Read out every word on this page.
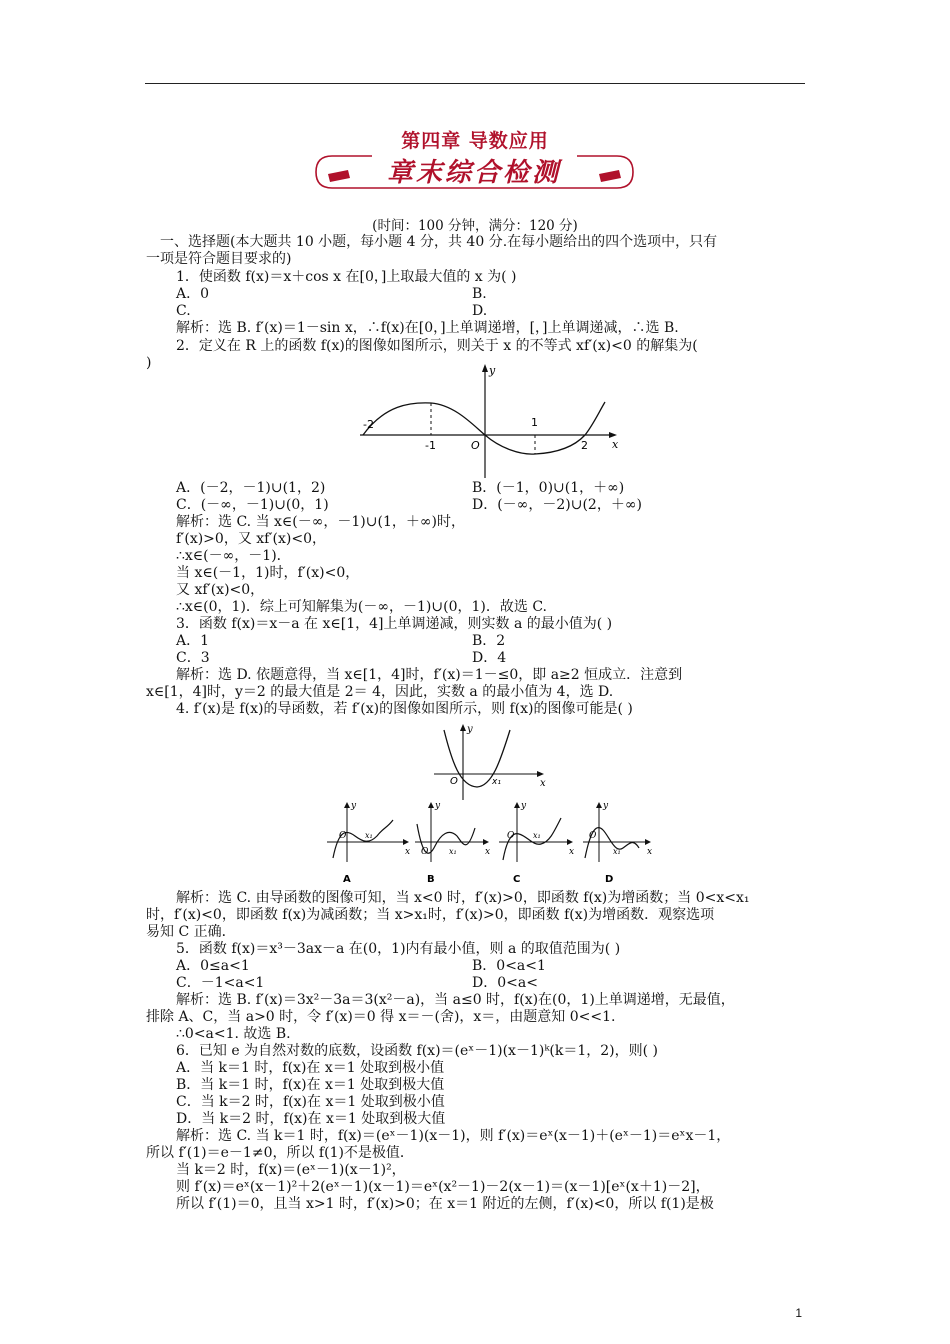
第四章 导数应用
章末综合检测
(时间：100 分钟，满分：120 分)
一、选择题(本大题共 10 小题，每小题 4 分，共 40 分.在每小题给出的四个选项中，只有
一项是符合题目要求的)
1．使函数 f(x)＝x＋cos x 在[0，]上取最大值的 x 为( )
A．0	B.
C.	D.
解析：选 B. f′(x)＝1－sin x，∴f(x)在[0，]上单调递增，[，]上单调递减，∴选 B.
2．定义在 R 上的函数 f(x)的图像如图所示，则关于 x 的不等式 xf′(x)<0 的解集为(
)
A．(－2，－1)∪(1，2)	B．(－1，0)∪(1，＋∞)
C．(－∞，－1)∪(0，1)	D．(－∞，－2)∪(2，＋∞)
解析：选 C. 当 x∈(－∞，－1)∪(1，＋∞)时，
f′(x)>0，又 xf′(x)<0，
∴x∈(－∞，－1)．
当 x∈(－1，1)时，f′(x)<0，
又 xf′(x)<0，
∴x∈(0，1)．综上可知解集为(－∞，－1)∪(0，1)．故选 C.
3．函数 f(x)＝x－a 在 x∈[1，4]上单调递减，则实数 a 的最小值为( )
A．1	B．2
C．3	D．4
解析：选 D. 依题意得，当 x∈[1，4]时，f′(x)＝1－≤0，即 a≥2 恒成立．注意到
x∈[1，4]时，y＝2 的最大值是 2＝ 4，因此，实数 a 的最小值为 4，选 D.
4. f′(x)是 f(x)的导函数，若 f′(x)的图像如图所示，则 f(x)的图像可能是( )
解析：选 C. 由导函数的图像可知，当 x<0 时，f′(x)>0，即函数 f(x)为增函数；当 0<x<x₁
时，f′(x)<0，即函数 f(x)为减函数；当 x>x₁时，f′(x)>0，即函数 f(x)为增函数．观察选项
易知 C 正确．
5．函数 f(x)＝x³－3ax－a 在(0，1)内有最小值，则 a 的取值范围为( )
A．0≤a<1	B．0<a<1
C．－1<a<1	D．0<a<
解析：选 B. f′(x)＝3x²－3a＝3(x²－a)，当 a≤0 时，f(x)在(0，1)上单调递增，无最值，
排除 A、C，当 a>0 时，令 f′(x)＝0 得 x＝－(舍)，x＝，由题意知 0<<1.
∴0<a<1. 故选 B.
6．已知 e 为自然对数的底数，设函数 f(x)＝(eˣ－1)(x－1)ᵏ(k＝1，2)，则( )
A．当 k＝1 时，f(x)在 x＝1 处取到极小值
B．当 k＝1 时，f(x)在 x＝1 处取到极大值
C．当 k＝2 时，f(x)在 x＝1 处取到极小值
D．当 k＝2 时，f(x)在 x＝1 处取到极大值
解析：选 C. 当 k＝1 时，f(x)＝(eˣ－1)(x－1)，则 f′(x)＝eˣ(x－1)＋(eˣ－1)＝eˣx－1，
所以 f′(1)＝e－1≠0，所以 f(1)不是极值．
当 k＝2 时，f(x)＝(eˣ－1)(x－1)²，
则 f′(x)＝eˣ(x－1)²＋2(eˣ－1)(x－1)＝eˣ(x²－1)－2(x－1)＝(x－1)[eˣ(x＋1)－2]，
所以 f′(1)＝0，且当 x>1 时，f′(x)>0；在 x＝1 附近的左侧，f′(x)<0，所以 f(1)是极
y
x
-2
-1	O
1
2
y
x
O	x₁
y
x
O x₁
A
y
x
O	x₁
B
y
x
O x₁
C
y
x
O
x₁
D
1
